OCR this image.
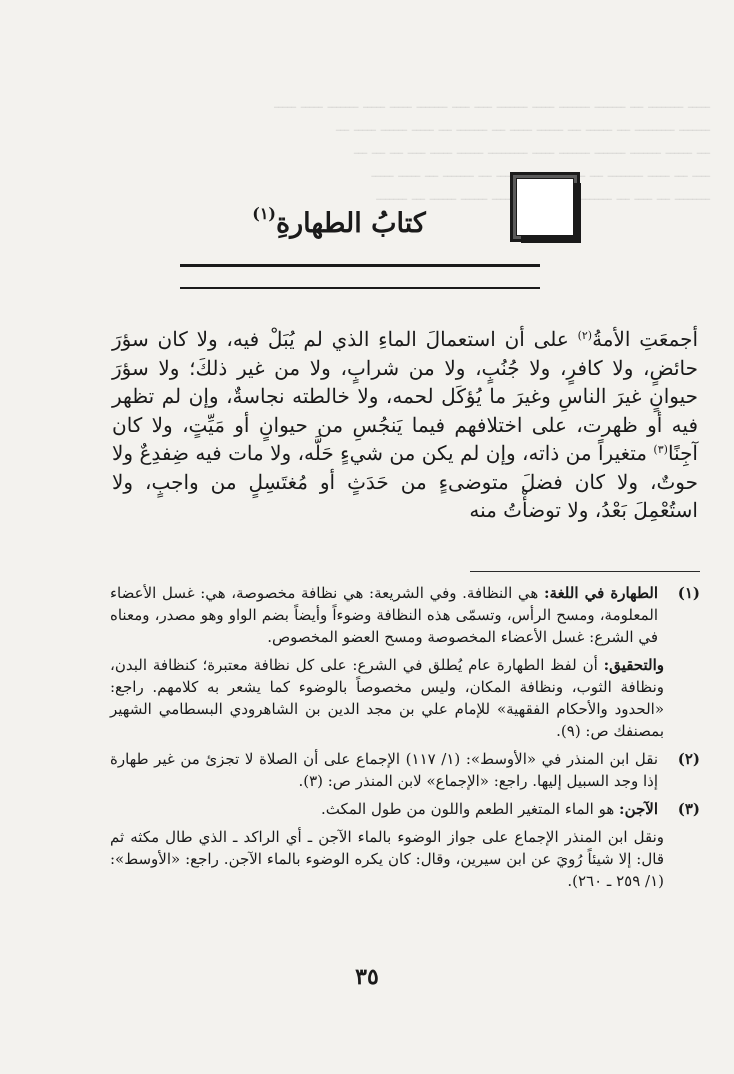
ـــــ ــــــــ ـــ ـــــــ ـــــــ ـــــ ـــــــ ــــ ــــ ـــــــ ـــــ ـــــ ـــــــ ـــــ ـــــ
ـــــــ ـــــــــ ـــ ــــــ ـــ ــــــ ـــــ ـــ ـــــــ ـــ ـــــ ــــــ ـــــ ـــ
ـــ ــــــ ـــــــ ـــــــ ـــــــ ـــــ ـــــــــ ــــــ ـــــ ــــ ـــ ـــ ـــ
ــــ ـــ ـــــ ــــــــ ـــ ـــ ـــــــ ـــ ـــــ ـــــ
ــــــــ ـــ ــــ ـــ ـــــــ ــــــ ــــــ ـــ ـــــــ
كتابُ الطهارةِ$^{(١)}$

أجمعَتِ الأمةُ$^{(٢)}$ على أن استعمالَ الماءِ الذي لم يُبَلْ فيه، ولا كان سؤرَ حائضٍ، ولا كافرٍ، ولا جُنُبٍ، ولا من شرابٍ، ولا من غير ذلكَ؛ ولا سؤرَ حيوانٍ غيرَ الناسِ وغيرَ ما يُؤكَل لحمه، ولا خالطته نجاسةٌ، وإن لم تظهر فيه أو ظهرت، على اختلافهم فيما يَنجُسِ من حيوانٍ أو مَيِّتٍ، ولا كان آجِنًا$^{(٣)}$ متغيراً من ذاته، وإن لم يكن من شيءٍ حَلَّه، ولا مات فيه ضِفدِعٌ ولا حوتٌ، ولا كان فضلَ متوضىءٍ من حَدَثٍ أو مُغتَسِلٍ من واجبٍ، ولا استُعْمِلَ بَعْدُ، ولا توضأْتُ منه

(١)
الطهارة في اللغة: هي النظافة. وفي الشريعة: هي نظافة مخصوصة، هي: غسل الأعضاء المعلومة، ومسح الرأس، وتسمّى هذه النظافة وضوءاً وأيضاً بضم الواو وهو مصدر، ومعناه في الشرع: غسل الأعضاء المخصوصة ومسح العضو المخصوص.

والتحقيق: أن لفظ الطهارة عام يُطلق في الشرع: على كل نظافة معتبرة؛ كنظافة البدن، ونظافة الثوب، ونظافة المكان، وليس مخصوصاً بالوضوء كما يشعر به كلامهم. راجع: «الحدود والأحكام الفقهية» للإمام علي بن مجد الدين بن الشاهرودي البسطامي الشهير بمصنفك ص: (٩).

(٢)
نقل ابن المنذر في «الأوسط»: (١/ ١١٧) الإجماع على أن الصلاة لا تجزئ من غير طهارة إذا وجد السبيل إليها. راجع: «الإجماع» لابن المنذر ص: (٣).

(٣)
الآجن: هو الماء المتغير الطعم واللون من طول المكث.

ونقل ابن المنذر الإجماع على جواز الوضوء بالماء الآجن ـ أي الراكد ـ الذي طال مكثه ثم قال: إلا شيئاً رُويَ عن ابن سيرين، وقال: كان يكره الوضوء بالماء الآجن. راجع: «الأوسط»: (١/ ٢٥٩ ـ ٢٦٠).

٣٥
